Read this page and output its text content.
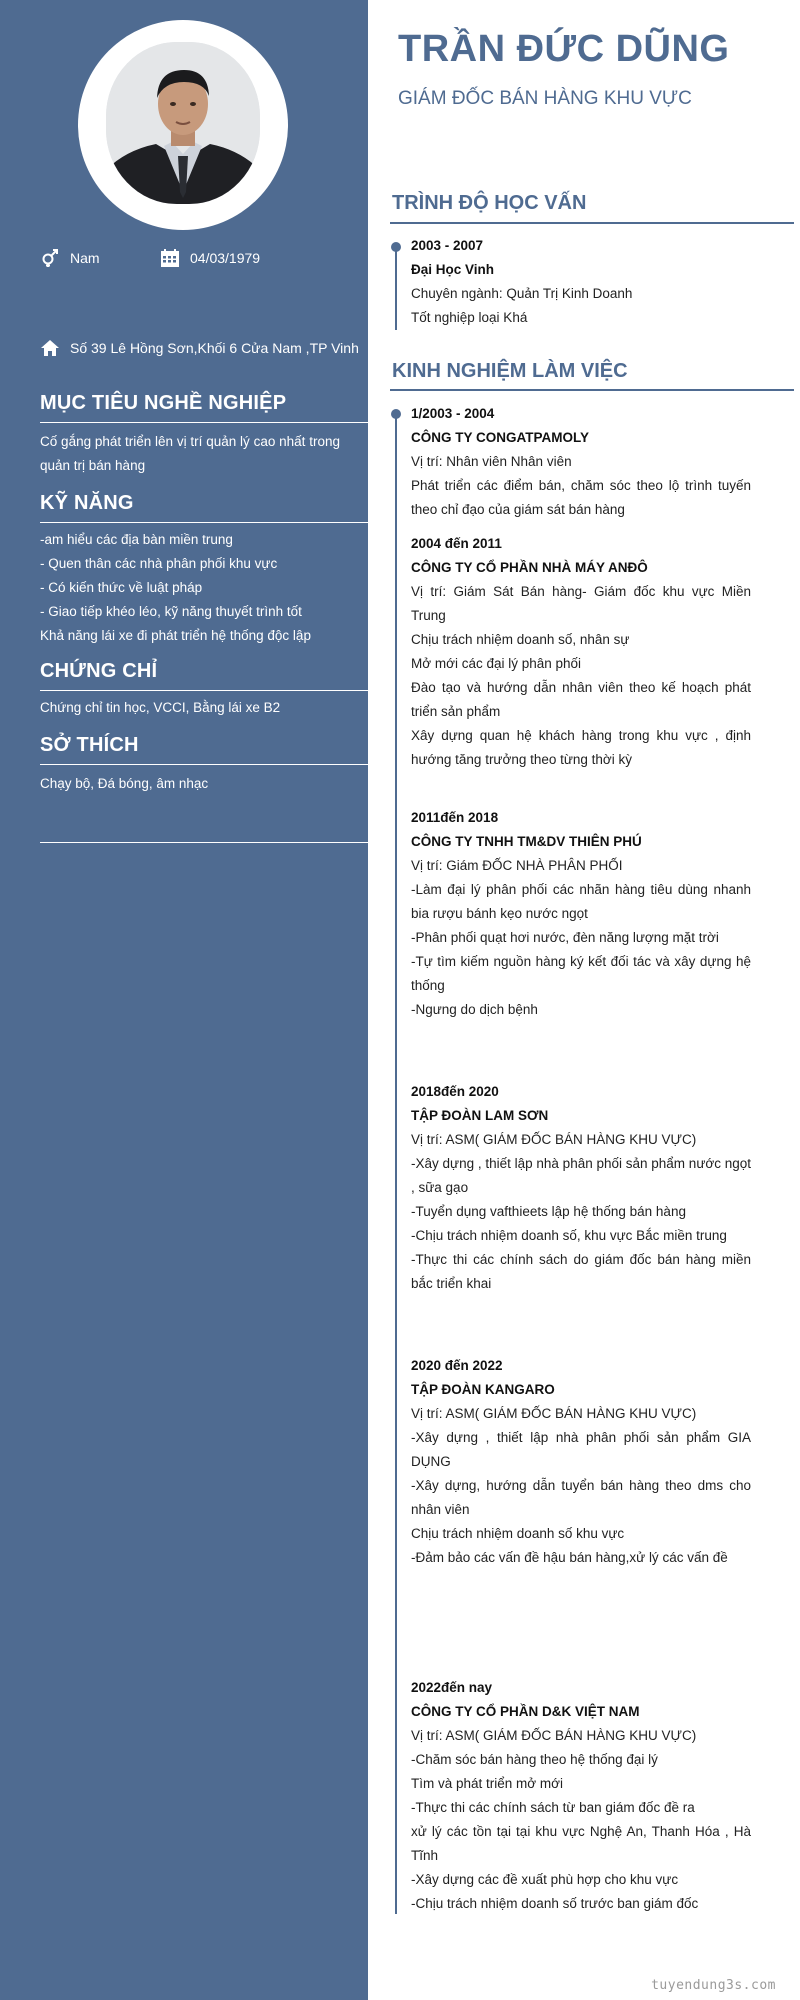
Nam	04/03/1979
Số 39 Lê Hồng Sơn,Khối 6 Cửa Nam ,TP Vinh
MỤC TIÊU NGHỀ NGHIỆP
Cố gắng phát triển lên vị trí quản lý cao nhất trong quản trị bán hàng
KỸ NĂNG

-am hiểu các địa bàn miền trung

- Quen thân các nhà phân phối khu vực

- Có kiến thức về luật pháp

- Giao tiếp khéo léo, kỹ năng thuyết trình tốt

Khả năng lái xe đi phát triển hệ thống độc lập

CHỨNG CHỈ
Chứng chỉ tin học, VCCI, Bằng lái xe B2
SỞ THÍCH
Chạy bộ, Đá bóng, âm nhạc
TRẦN ĐỨC DŨNG
GIÁM ĐỐC BÁN HÀNG KHU VỰC
TRÌNH ĐỘ HỌC VẤN

2003 - 2007

Đại Học Vinh

Chuyên ngành: Quản Trị Kinh Doanh

Tốt nghiệp loại Khá

KINH NGHIỆM LÀM VIỆC

1/2003 - 2004

CÔNG TY CONGATPAMOLY

Vị trí: Nhân viên Nhân viên

Phát triển các điểm bán, chăm sóc theo lộ trình tuyến theo chỉ đạo của giám sát bán hàng

2004 đến 2011

CÔNG TY CỔ PHẦN NHÀ MÁY ANĐÔ

Vị trí: Giám Sát Bán hàng- Giám đốc khu vực Miền Trung

Chịu trách nhiệm doanh số, nhân sự

Mở mới các đại lý phân phối

Đào tạo và hướng dẫn nhân viên theo kế hoạch phát triển sản phẩm

Xây dựng quan hệ khách hàng trong khu vực , định hướng tăng trưởng theo từng thời kỳ

2011đến 2018

CÔNG TY TNHH TM&DV THIÊN PHÚ

Vị trí: Giám ĐỐC NHÀ PHÂN PHỐI

-Làm đại lý phân phối các nhãn hàng tiêu dùng nhanh bia rượu bánh kẹo nước ngọt

-Phân phối quạt hơi nước, đèn năng lượng mặt trời

-Tự tìm kiếm nguồn hàng ký kết đối tác và xây dựng hệ thống

-Ngưng do dịch bệnh

2018đến 2020

TẬP ĐOÀN LAM SƠN

Vị trí: ASM( GIÁM ĐỐC BÁN HÀNG KHU VỰC)

-Xây dựng , thiết lập nhà phân phối sản phẩm nước ngọt , sữa gạo

-Tuyển dụng vafthieets lập hệ thống bán hàng

-Chịu trách nhiệm doanh số, khu vực Bắc miền trung

-Thực thi các chính sách do giám đốc bán hàng miền bắc triển khai

2020 đến 2022

TẬP ĐOÀN KANGARO

Vị trí: ASM( GIÁM ĐỐC BÁN HÀNG KHU VỰC)

-Xây dựng , thiết lập nhà phân phối sản phẩm GIA DỤNG

-Xây dựng, hướng dẫn tuyển bán hàng theo dms cho nhân viên

Chịu trách nhiệm doanh số khu vực

-Đảm bảo các vấn đề hậu bán hàng,xử lý các vấn đề

2022đến nay

CÔNG TY CỔ PHẦN D&K VIỆT NAM

Vị trí: ASM( GIÁM ĐỐC BÁN HÀNG KHU VỰC)

-Chăm sóc bán hàng theo hệ thống đại lý

Tìm và phát triển mở mới

-Thực thi các chính sách từ ban giám đốc đề ra

xử lý các tồn tại tại khu vực Nghệ An, Thanh Hóa , Hà Tĩnh

-Xây dựng các đề xuất phù hợp cho khu vực

-Chịu trách nhiệm doanh số trước ban giám đốc

tuyendung3s.com
